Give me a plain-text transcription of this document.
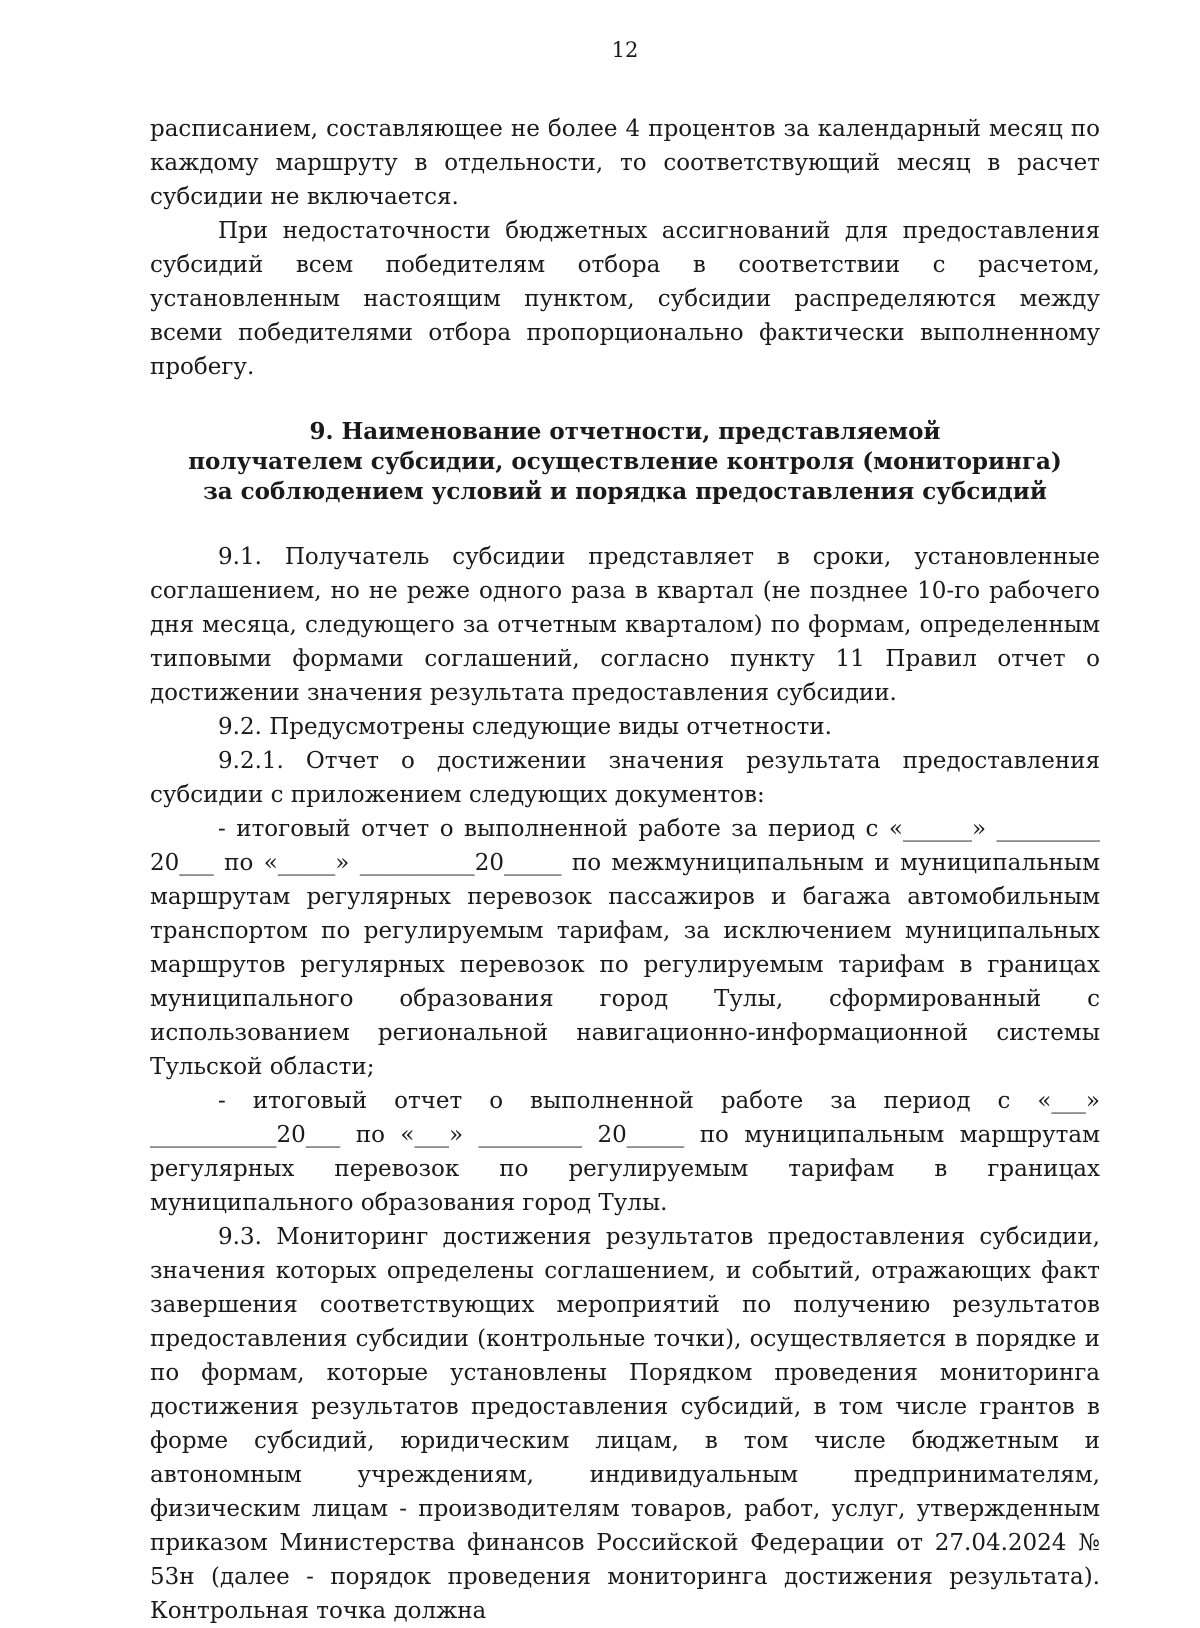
12

расписанием, составляющее не более 4 процентов за календарный месяц по каждому маршруту в отдельности, то соответствующий месяц в расчет субсидии не включается.

При недостаточности бюджетных ассигнований для предоставления субсидий всем победителям отбора в соответствии с расчетом, установленным настоящим пунктом, субсидии распределяются между всеми победителями отбора пропорционально фактически выполненному пробегу.

9. Наименование отчетности, представляемой
получателем субсидии, осуществление контроля (мониторинга)
за соблюдением условий и порядка предоставления субсидий

9.1. Получатель субсидии представляет в сроки, установленные соглашением, но не реже одного раза в квартал (не позднее 10-го рабочего дня месяца, следующего за отчетным кварталом) по формам, определенным типовыми формами соглашений, согласно пункту 11 Правил отчет о достижении значения результата предоставления субсидии.

9.2. Предусмотрены следующие виды отчетности.

9.2.1. Отчет о достижении значения результата предоставления субсидии с приложением следующих документов:

- итоговый отчет о выполненной работе за период с «______» _________ 20___ по «_____» __________20_____ по межмуниципальным и муниципальным маршрутам регулярных перевозок пассажиров и багажа автомобильным транспортом по регулируемым тарифам, за исключением муниципальных маршрутов регулярных перевозок по регулируемым тарифам в границах муниципального образования город Тулы, сформированный с использованием региональной навигационно-информационной системы Тульской области;

- итоговый отчет о выполненной работе за период с «___» ___________20___ по «___» _________ 20_____ по муниципальным маршрутам регулярных перевозок по регулируемым тарифам в границах муниципального образования город Тулы.

9.3. Мониторинг достижения результатов предоставления субсидии, значения которых определены соглашением, и событий, отражающих факт завершения соответствующих мероприятий по получению результатов предоставления субсидии (контрольные точки), осуществляется в порядке и по формам, которые установлены Порядком проведения мониторинга достижения результатов предоставления субсидий, в том числе грантов в форме субсидий, юридическим лицам, в том числе бюджетным и автономным учреждениям, индивидуальным предпринимателям, физическим лицам - производителям товаров, работ, услуг, утвержденным приказом Министерства финансов Российской Федерации от 27.04.2024 № 53н (далее - порядок проведения мониторинга достижения результата). Контрольная точка должна
